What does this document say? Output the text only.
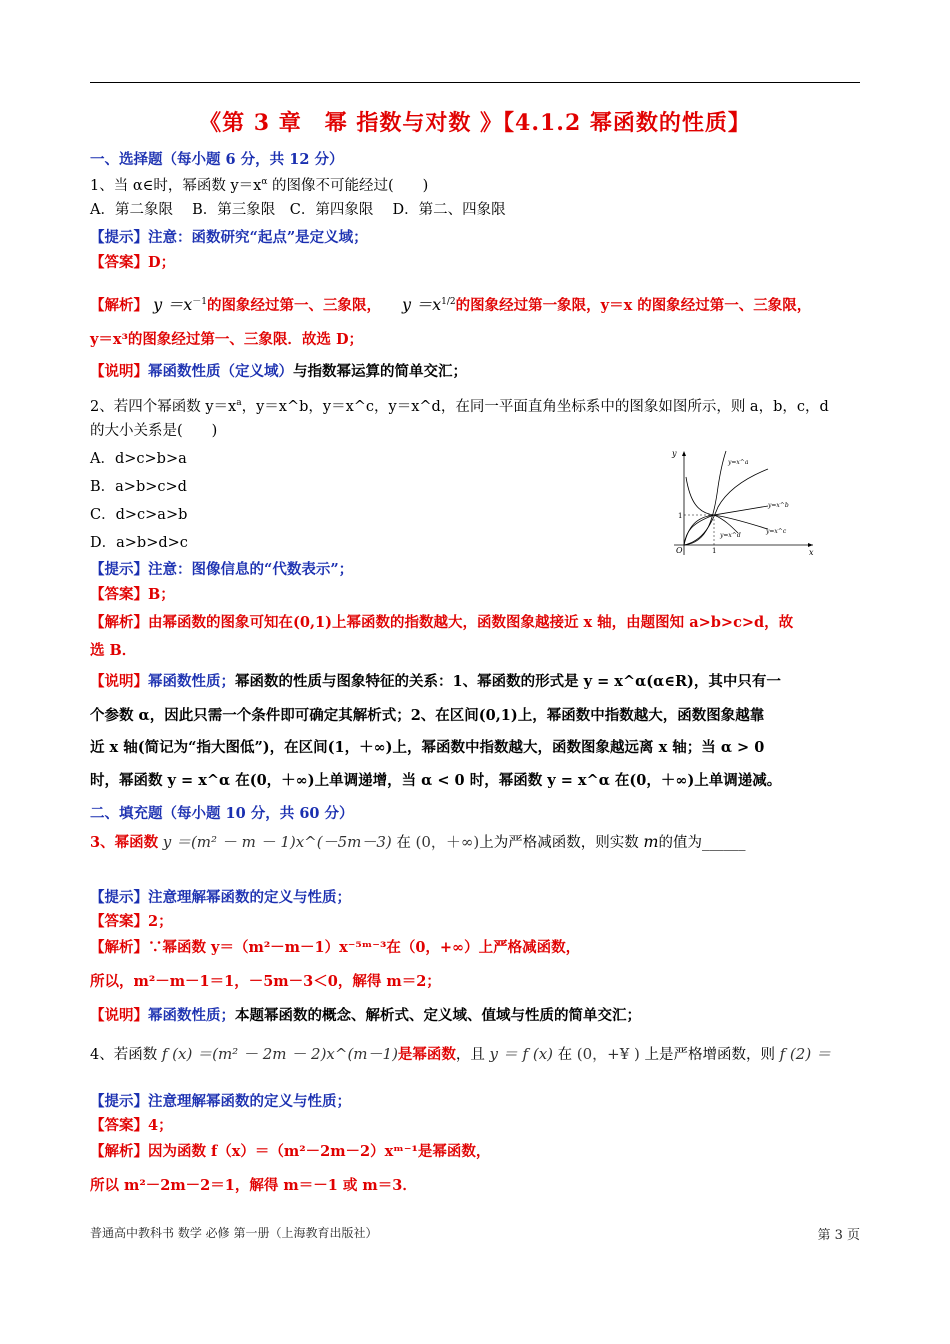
《第 3 章　幂 指数与对数 》【4.1.2 幂函数的性质】
一、选择题（每小题 6 分，共 12 分）
1、当 α∈时，幂函数 $y=x^\alpha$ 的图像不可能经过(　　)
A．第二象限　 B．第三象限　C．第四象限　 D．第二、四象限
【提示】注意：函数研究“起点”是定义域；
【答案】D；
【解析】 $y =x^{-1}$的图象经过第一、三象限， $y =x^{1/2}$的图象经过第一象限，y＝x 的图象经过第一、三象限，
y＝x³的图象经过第一、三象限．故选 D；
【说明】幂函数性质（定义域）与指数幂运算的简单交汇；
2、若四个幂函数 $y=x^a$，y＝x^b，y＝x^c，y＝x^d，在同一平面直角坐标系中的图象如图所示，则 a，b，c，d
的大小关系是(　　)
A．d>c>b>a
B．a>b>c>d
C．d>c>a>b
D．a>b>d>c
y
x
O	1
1
y=x^a
y=x^b
y=x^c
y=x^d
【提示】注意：图像信息的“代数表示”；
【答案】B；
【解析】由幂函数的图象可知在(0,1)上幂函数的指数越大，函数图象越接近 x 轴，由题图知 a>b>c>d，故
选 B．
【说明】幂函数性质；幂函数的性质与图象特征的关系：1、幂函数的形式是 y = x^α(α∈R)，其中只有一
个参数 α，因此只需一个条件即可确定其解析式；2、在区间(0,1)上，幂函数中指数越大，函数图象越靠
近 x 轴(简记为“指大图低”)，在区间(1，＋∞)上，幂函数中指数越大，函数图象越远离 x 轴；当 α > 0
时，幂函数 y = x^α 在(0，＋∞)上单调递增，当 α < 0 时，幂函数 y = x^α 在(0，＋∞)上单调递减。
二、填充题（每小题 10 分，共 60 分）
3、幂函数 y ＝(m² － m － 1)x^(－5m－3) 在 (0，＋∞)上为严格减函数，则实数 m的值为______
【提示】注意理解幂函数的定义与性质；
【答案】2；
【解析】∵幂函数 y＝（m²－m－1）x⁻⁵ᵐ⁻³在（0，+∞）上严格减函数，
所以，m²－m－1＝1，－5m－3＜0，解得 m＝2；
【说明】幂函数性质；本题幂函数的概念、解析式、定义域、值域与性质的简单交汇；
4、若函数 f (x) ＝(m² － 2m － 2)x^(m－1)是幂函数，且 y ＝ f (x) 在 (0，+¥ ) 上是严格增函数，则 f (2) ＝
【提示】注意理解幂函数的定义与性质；
【答案】4；
【解析】因为函数 f（x）＝（m²－2m－2）xᵐ⁻¹是幂函数，
所以 m²－2m－2＝1，解得 m＝－1 或 m＝3．
普通高中教科书 数学 必修 第一册（上海教育出版社）	第 3 页
